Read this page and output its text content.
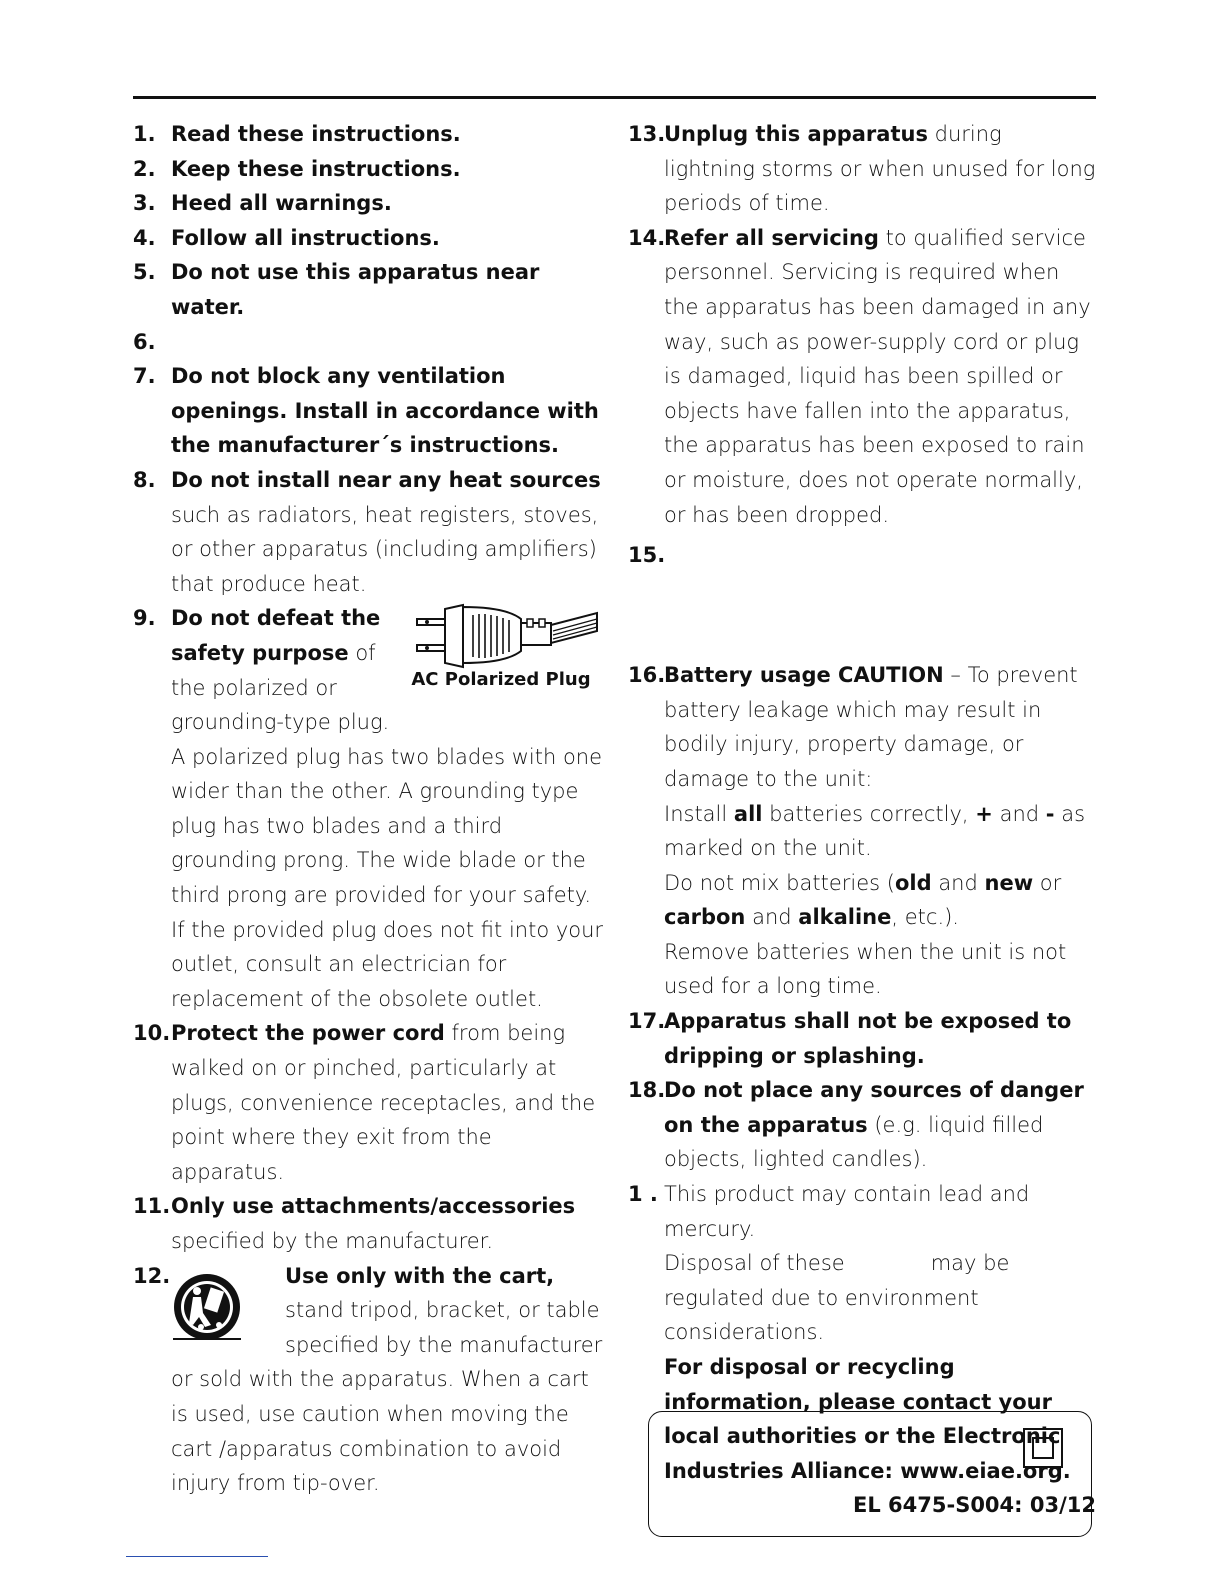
1. Read these instructions.
2. Keep these instructions.
3. Heed all warnings.
4. Follow all instructions.
5. Do not use this apparatus near water.
6.
7. Do not block any ventilation openings. Install in accordance with the manufacturer´s instructions.
8. Do not install near any heat sources such as radiators, heat registers, stoves, or other apparatus (including amplifiers) that produce heat.
9.
AC Polarized Plug
Do not defeat the safety purpose of the polarized or grounding-type plug. A polarized plug has two blades with one wider than the other. A grounding type plug has two blades and a third grounding prong. The wide blade or the third prong are provided for your safety. If the provided plug does not fit into your outlet, consult an electrician for replacement of the obsolete outlet.
10. Protect the power cord from being walked on or pinched, particularly at plugs, convenience receptacles, and the point where they exit from the apparatus.
11. Only use attachments/accessories specified by the manufacturer.
12.	Use only with the cart, stand tripod, bracket, or table specified by the manufacturer or sold with the apparatus. When a cart is used, use caution when moving the cart /apparatus combination to avoid injury from tip-over.
13.
Unplug this apparatus during lightning storms or when unused for long periods of time.
14.
Refer all servicing to qualified service personnel. Servicing is required when the apparatus has been damaged in any way, such as power-supply cord or plug is damaged, liquid has been spilled or objects have fallen into the apparatus, the apparatus has been exposed to rain or moisture, does not operate normally, or has been dropped.
15.
16.
Battery usage CAUTION – To prevent battery leakage which may result in bodily injury, property damage, or damage to the unit:
Install all batteries correctly, + and - as marked on the unit.
Do not mix batteries (old and new or carbon and alkaline, etc.).
Remove batteries when the unit is not used for a long time.
17.
Apparatus shall not be exposed to dripping or splashing.
18.
Do not place any sources of danger on the apparatus (e.g. liquid filled objects, lighted candles).
1 . This product may contain lead and mercury.
Disposal of these	may be regulated due to environment considerations.
For disposal or recycling information, please contact your local authorities or the Electronic Industries Alliance: www.eiae.org.
EL 6475-S004: 03/12
